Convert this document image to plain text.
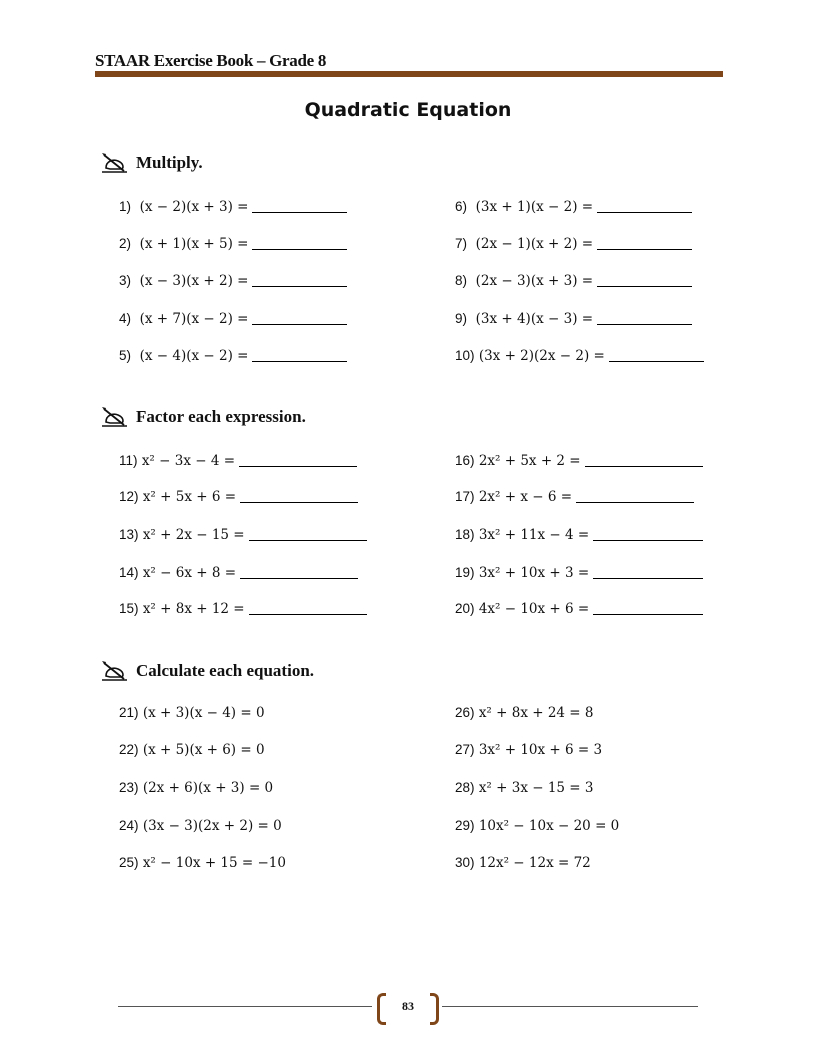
STAAR Exercise Book – Grade 8
Quadratic Equation
Multiply.
1) (x − 2)(x + 3) =
2) (x + 1)(x + 5) =
3) (x − 3)(x + 2) =
4) (x + 7)(x − 2) =
5) (x − 4)(x − 2) =
6) (3x + 1)(x − 2) =
7) (2x − 1)(x + 2) =
8) (2x − 3)(x + 3) =
9) (3x + 4)(x − 3) =
10) (3x + 2)(2x − 2) =
Factor each expression.
11) x² − 3x − 4 =
12) x² + 5x + 6 =
13) x² + 2x − 15 =
14) x² − 6x + 8 =
15) x² + 8x + 12 =
16) 2x² + 5x + 2 =
17) 2x² + x − 6 =
18) 3x² + 11x − 4 =
19) 3x² + 10x + 3 =
20) 4x² − 10x + 6 =
Calculate each equation.
21) (x + 3)(x − 4) = 0
22) (x + 5)(x + 6) = 0
23) (2x + 6)(x + 3) = 0
24) (3x − 3)(2x + 2) = 0
25) x² − 10x + 15 = −10
26) x² + 8x + 24 = 8
27) 3x² + 10x + 6 = 3
28) x² + 3x − 15 = 3
29) 10x² − 10x − 20 = 0
30) 12x² − 12x = 72
83
